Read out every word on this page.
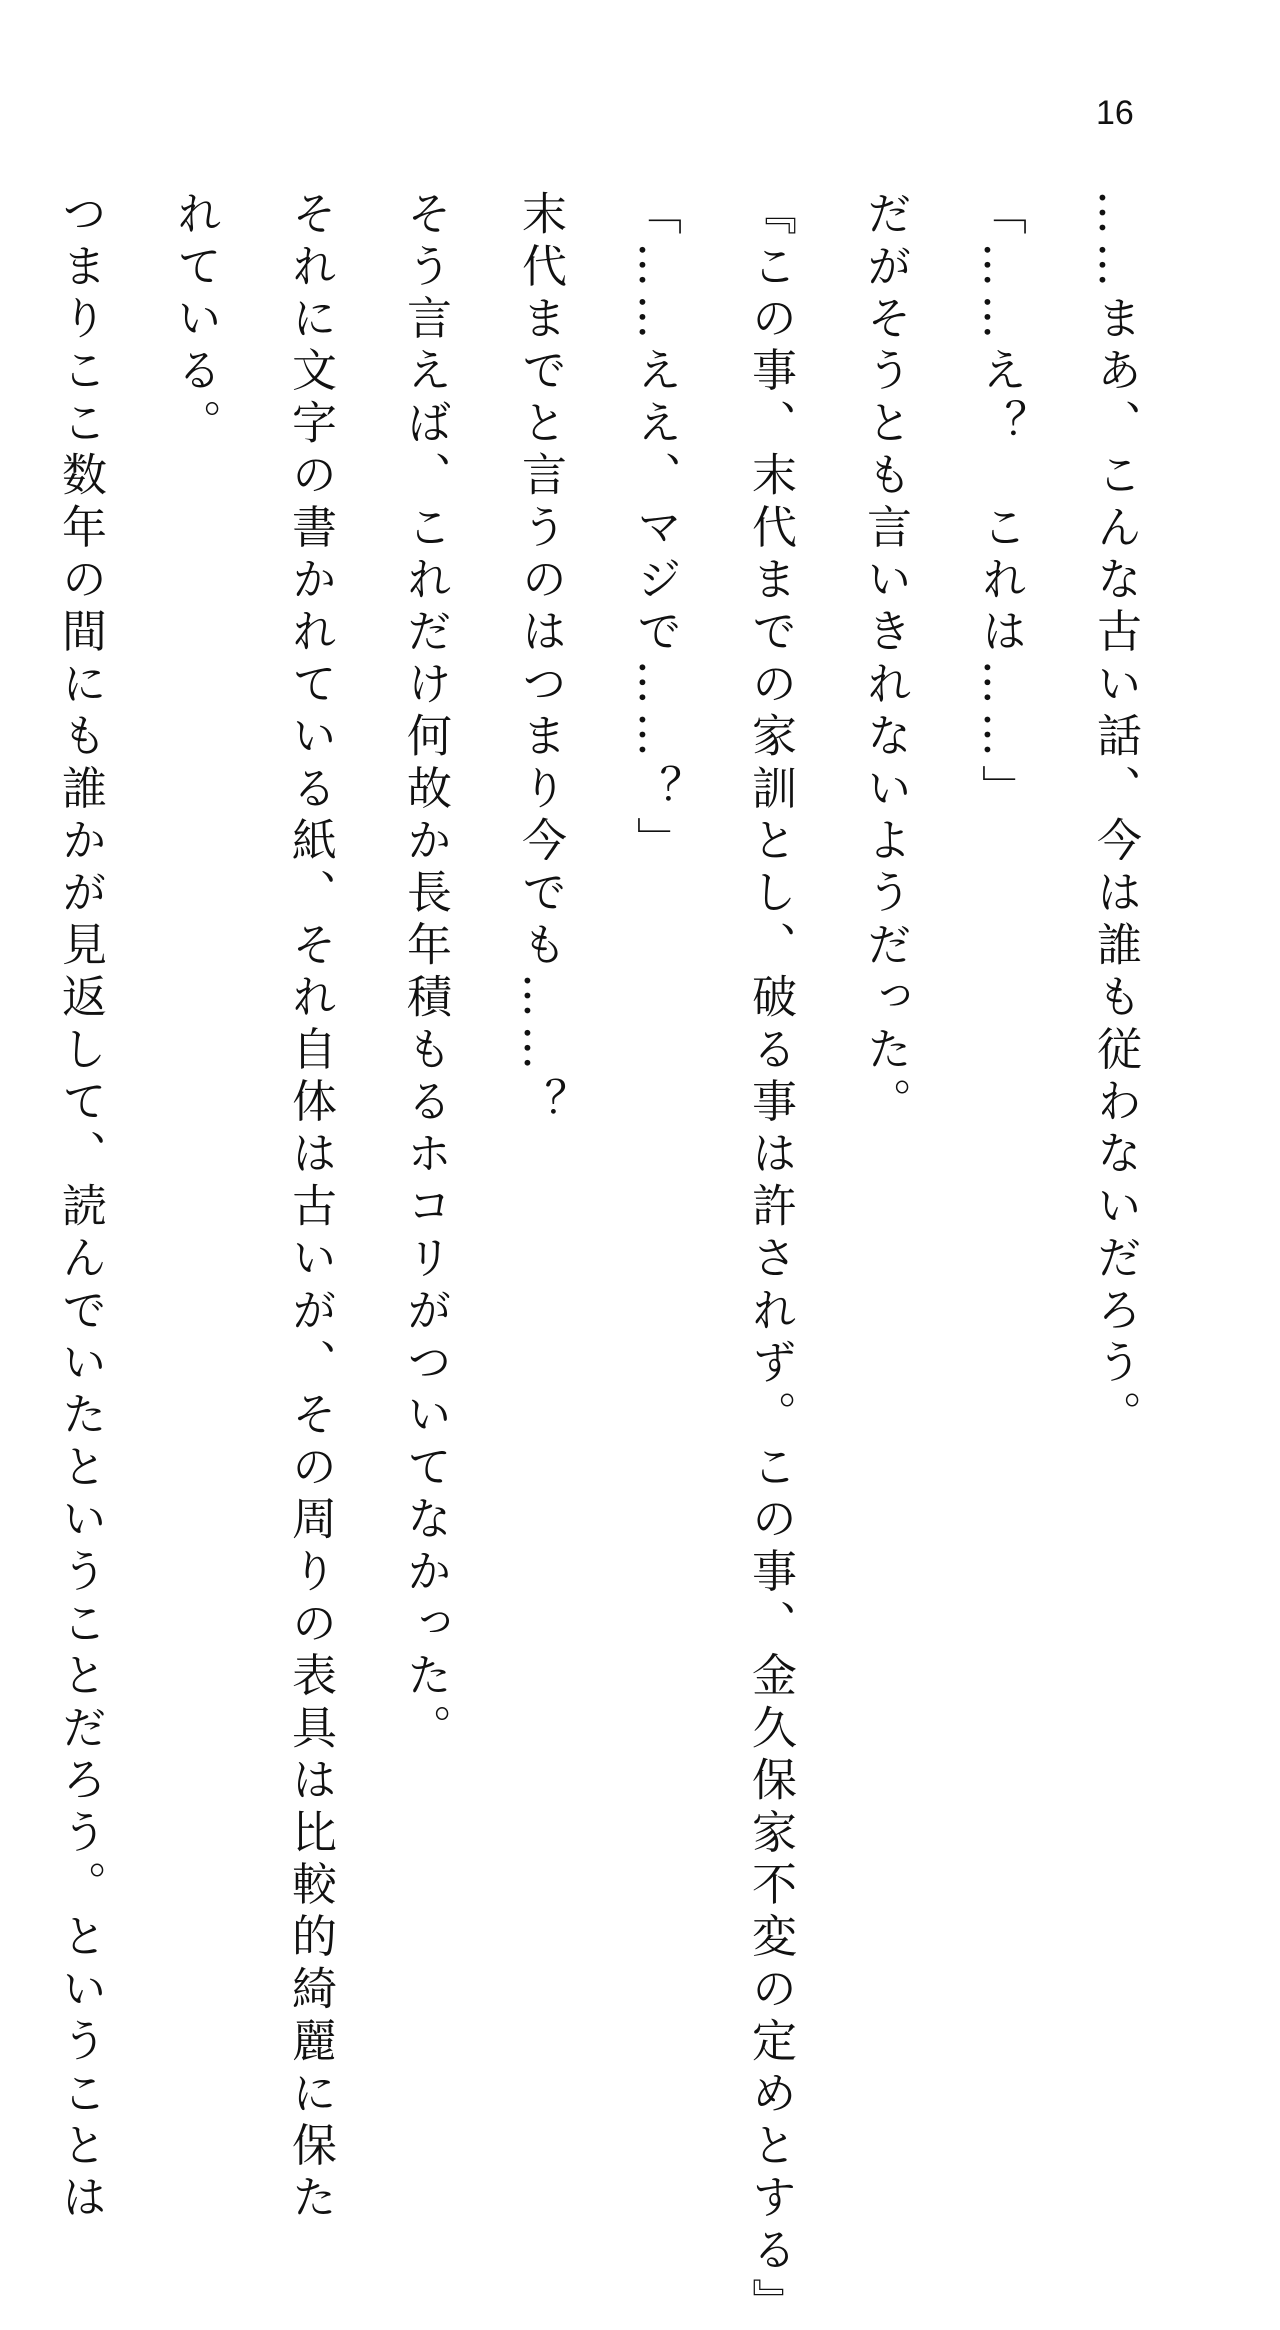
16
……まあ、こんな古い話、今は誰も従わないだろう。
「……え？　これは……」
だがそうとも言いきれないようだった。
『この事、末代までの家訓とし、破る事は許されず。この事、金久保家不変の定めとする』
「……ええ、マジで……？」
末代までと言うのはつまり今でも……？
そう言えば、これだけ何故か長年積もるホコリがついてなかった。
それに文字の書かれている紙、それ自体は古いが、その周りの表具は比較的綺麗に保た
れている。
つまりここ数年の間にも誰かが見返して、読んでいたということだろう。ということは
